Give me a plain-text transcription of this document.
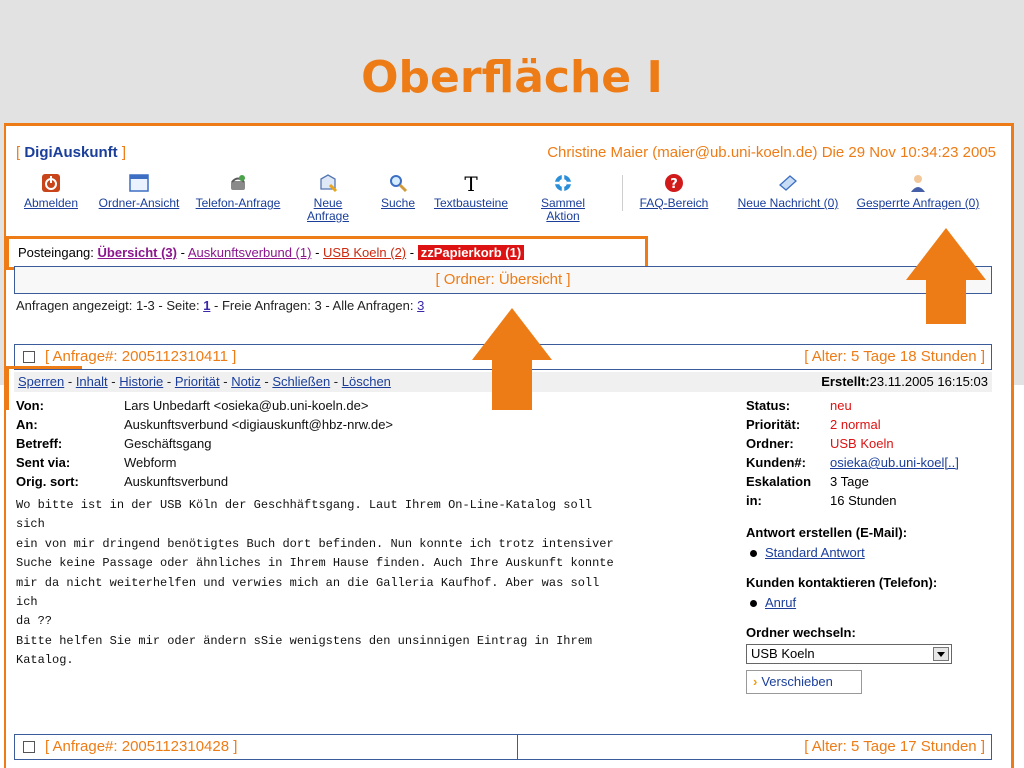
Oberfläche I
[ DigiAuskunft ]	Christine Maier (maier@ub.uni-koeln.de) Die 29 Nov 10:34:23 2005
Abmelden	Ordner-Ansicht	Telefon-Anfrage	Neue Anfrage
Suche
T
Textbausteine	Sammel Aktion
?
FAQ-Bereich	Neue Nachricht (0)	Gesperrte Anfragen (0)
Posteingang: Übersicht (3) - Auskunftsverbund (1) - USB Koeln (2) - zzPapierkorb (1)
[ Ordner: Übersicht ]
Anfragen angezeigt: 1-3 - Seite: 1 - Freie Anfragen: 3 - Alle Anfragen: 3
[ Anfrage#: 2005112310411 ]	[ Alter: 5 Tage 18 Stunden ]
Sperren - Inhalt - Historie - Priorität - Notiz - Schließen - Löschen	Erstellt:23.11.2005 16:15:03
Von:	Lars Unbedarft <osieka@ub.uni-koeln.de>
An:	Auskunftsverbund <digiauskunft@hbz-nrw.de>
Betreff:	Geschäftsgang
Sent via:	Webform
Orig. sort:	Auskunftsverbund
Wo bitte ist in der USB Köln der Geschhäftsgang. Laut Ihrem On-Line-Katalog soll
sich
ein von mir dringend benötigtes Buch dort befinden. Nun konnte ich trotz intensiver
Suche keine Passage oder ähnliches in Ihrem Hause finden. Auch Ihre Auskunft konnte
mir da nicht weiterhelfen und verwies mich an die Galleria Kaufhof. Aber was soll
ich
da ??
Bitte helfen Sie mir oder ändern sSie wenigstens den unsinnigen Eintrag in Ihrem
Katalog.
Status:	neu
Priorität:	2 normal
Ordner:	USB Koeln
Kunden#:	osieka@ub.uni-koel[..]
Eskalation	3 Tage
in:	16 Stunden
Antwort erstellen (E-Mail):
Standard Antwort
Kunden kontaktieren (Telefon):
Anruf
Ordner wechseln:
USB Koeln
› Verschieben
[ Anfrage#: 2005112310428 ]	[ Alter: 5 Tage 17 Stunden ]
